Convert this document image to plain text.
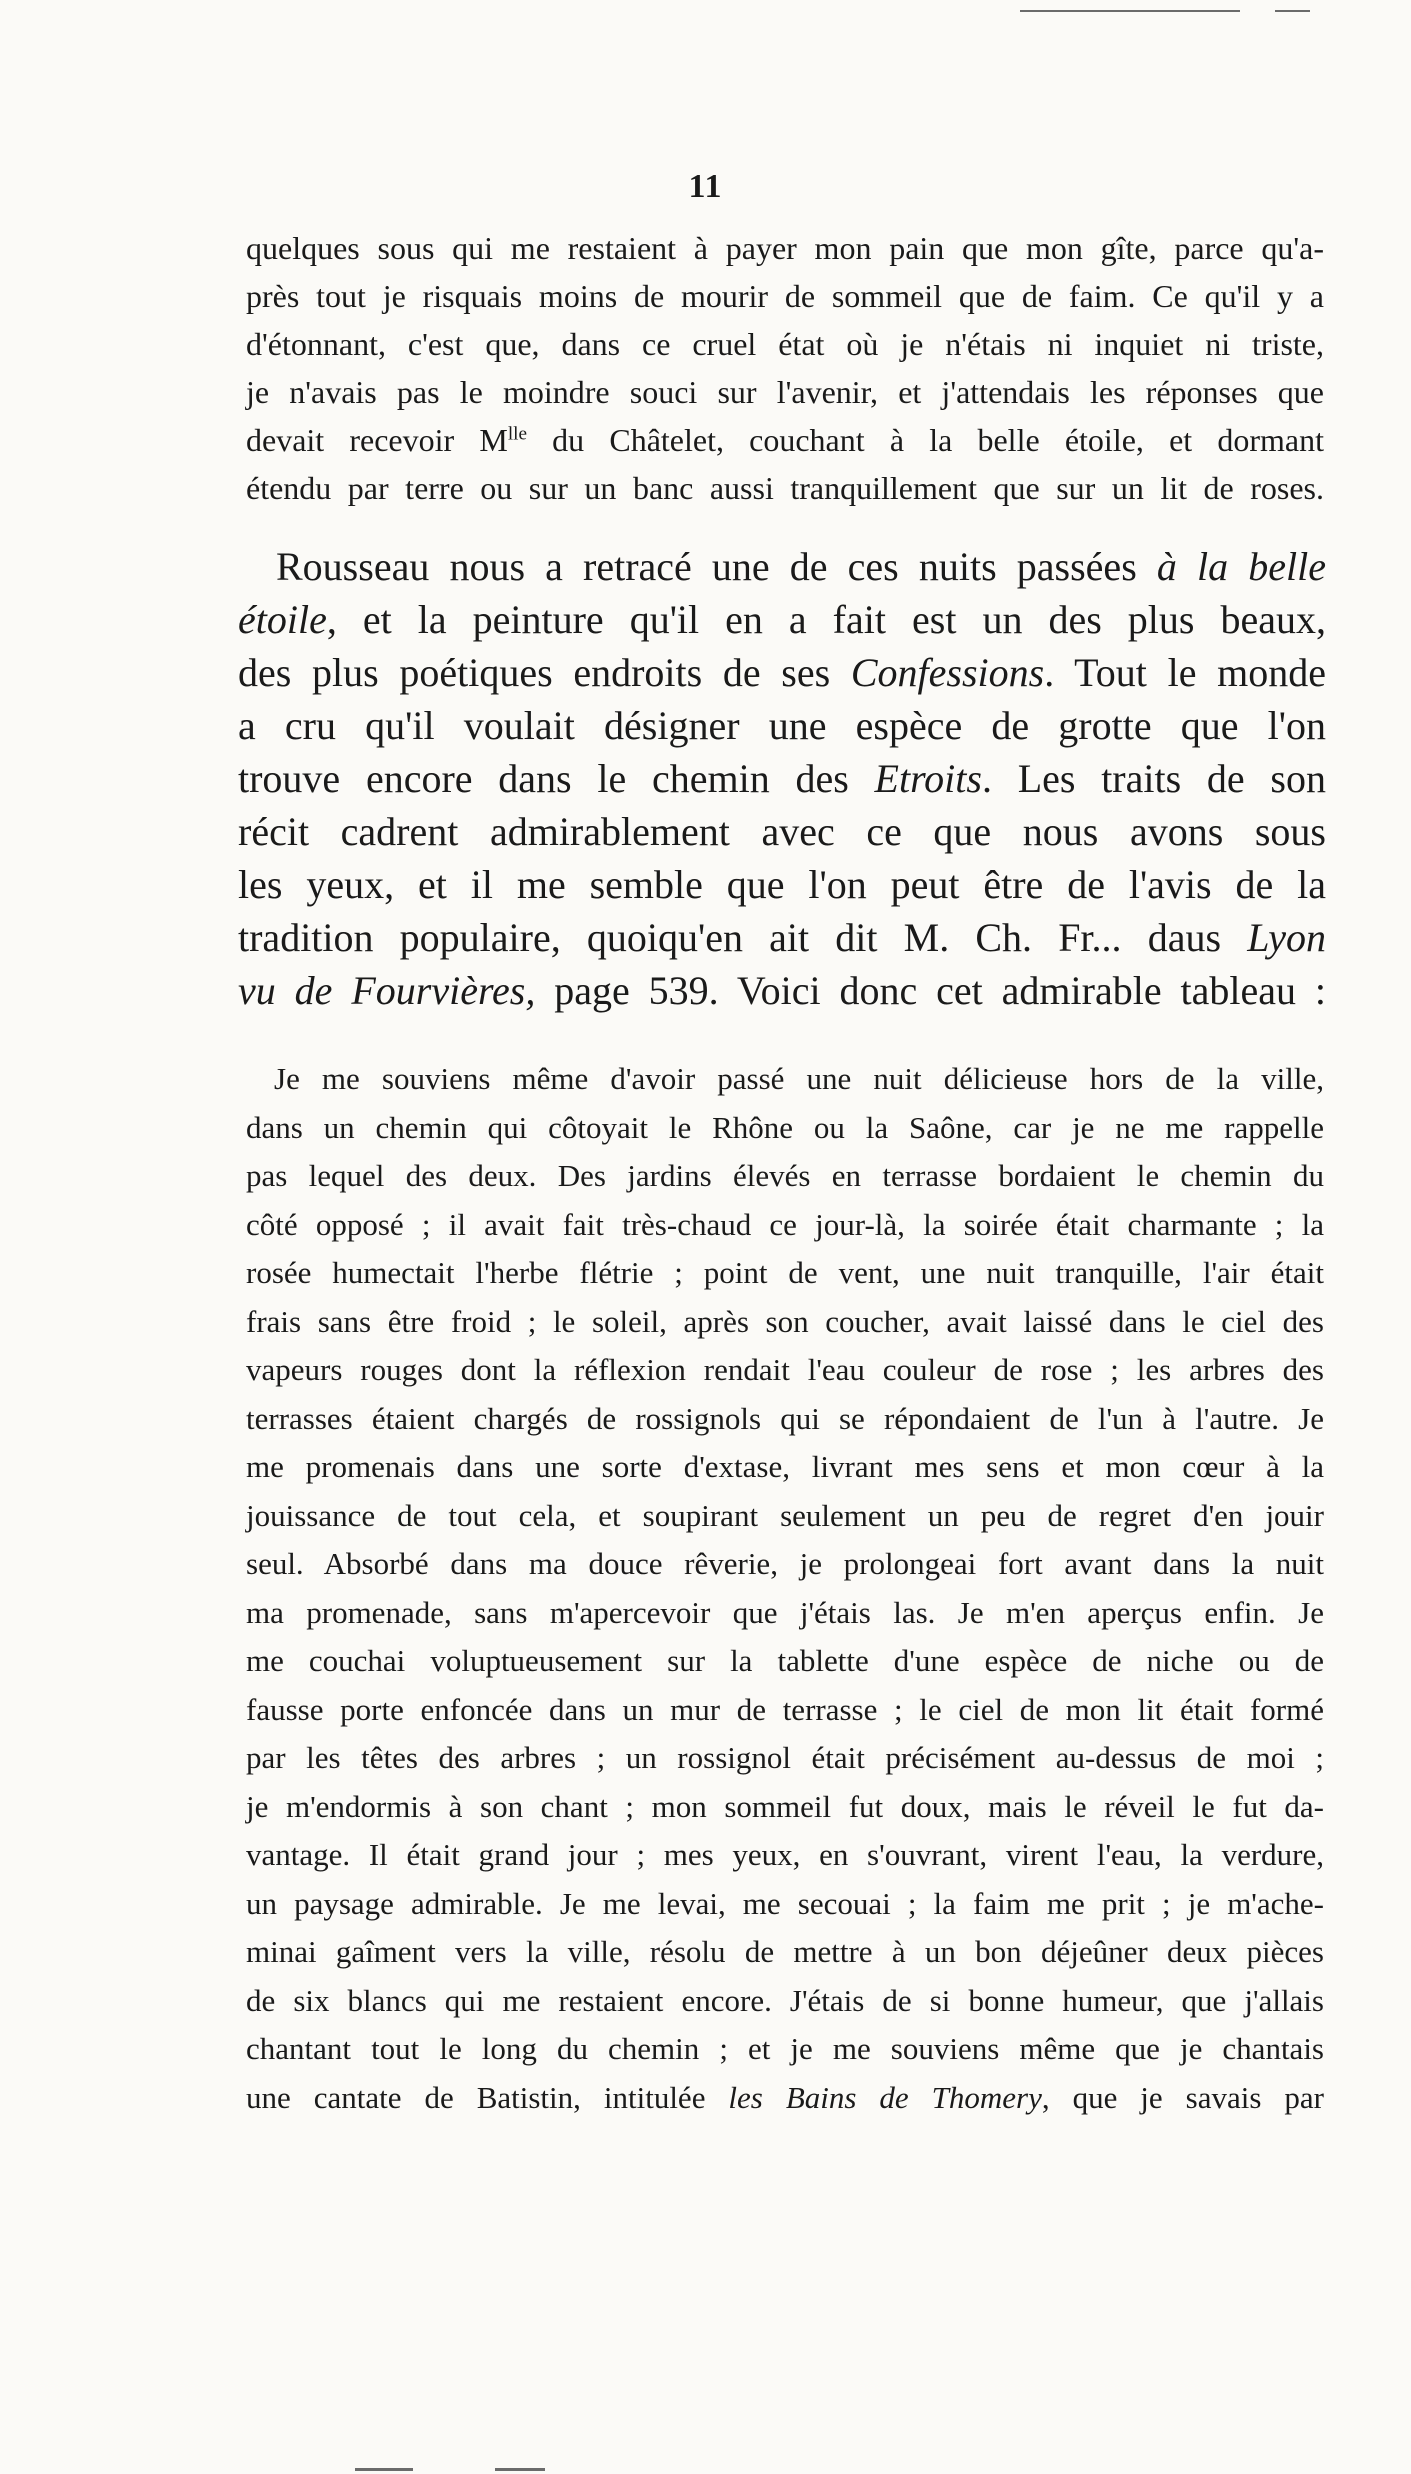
11
quelques sous qui me restaient à payer mon pain que mon gîte, parce qu'a-
près tout je risquais moins de mourir de sommeil que de faim. Ce qu'il y a
d'étonnant, c'est que, dans ce cruel état où je n'étais ni inquiet ni triste,
je n'avais pas le moindre souci sur l'avenir, et j'attendais les réponses que
devait recevoir $M^{lle}$ du Châtelet, couchant à la belle étoile, et dormant
étendu par terre ou sur un banc aussi tranquillement que sur un lit de roses.
Rousseau nous a retracé une de ces nuits passées à la belle
étoile, et la peinture qu'il en a fait est un des plus beaux,
des plus poétiques endroits de ses Confessions. Tout le monde
a cru qu'il voulait désigner une espèce de grotte que l'on
trouve encore dans le chemin des Etroits. Les traits de son
récit cadrent admirablement avec ce que nous avons sous
les yeux, et il me semble que l'on peut être de l'avis de la
tradition populaire, quoiqu'en ait dit M. Ch. Fr... daus Lyon
vu de Fourvières, page 539. Voici donc cet admirable tableau :
Je me souviens même d'avoir passé une nuit délicieuse hors de la ville,
dans un chemin qui côtoyait le Rhône ou la Saône, car je ne me rappelle
pas lequel des deux. Des jardins élevés en terrasse bordaient le chemin du
côté opposé ; il avait fait très-chaud ce jour-là, la soirée était charmante ; la
rosée humectait l'herbe flétrie ; point de vent, une nuit tranquille, l'air était
frais sans être froid ; le soleil, après son coucher, avait laissé dans le ciel des
vapeurs rouges dont la réflexion rendait l'eau couleur de rose ; les arbres des
terrasses étaient chargés de rossignols qui se répondaient de l'un à l'autre. Je
me promenais dans une sorte d'extase, livrant mes sens et mon cœur à la
jouissance de tout cela, et soupirant seulement un peu de regret d'en jouir
seul. Absorbé dans ma douce rêverie, je prolongeai fort avant dans la nuit
ma promenade, sans m'apercevoir que j'étais las. Je m'en aperçus enfin. Je
me couchai voluptueusement sur la tablette d'une espèce de niche ou de
fausse porte enfoncée dans un mur de terrasse ; le ciel de mon lit était formé
par les têtes des arbres ; un rossignol était précisément au-dessus de moi ;
je m'endormis à son chant ; mon sommeil fut doux, mais le réveil le fut da-
vantage. Il était grand jour ; mes yeux, en s'ouvrant, virent l'eau, la verdure,
un paysage admirable. Je me levai, me secouai ; la faim me prit ; je m'ache-
minai gaîment vers la ville, résolu de mettre à un bon déjeûner deux pièces
de six blancs qui me restaient encore. J'étais de si bonne humeur, que j'allais
chantant tout le long du chemin ; et je me souviens même que je chantais
une cantate de Batistin, intitulée les Bains de Thomery, que je savais par
